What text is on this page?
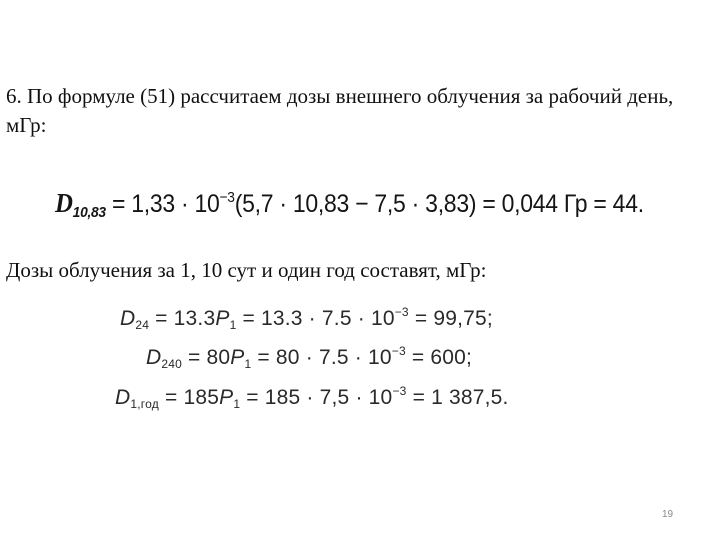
6. По формуле (51) рассчитаем дозы внешнего облучения за рабочий день, мГр:

$D_{10,83} = 1,33 \cdot 10^{-3}(5,7 \cdot 10,83 - 7,5 \cdot 3,83) = 0,044$ Гр = 44.

Дозы облучения за 1, 10 сут и один год составят, мГр:

$D_{24} = 13.3P_1 = 13.3 \cdot 7.5 \cdot 10^{-3} = 99,75$;
$D_{240} = 80P_1 = 80 \cdot 7.5 \cdot 10^{-3} = 600$;
$D_{1,год} = 185P_1 = 185 \cdot 7,5 \cdot 10^{-3} = 1$ 387,5.
19
